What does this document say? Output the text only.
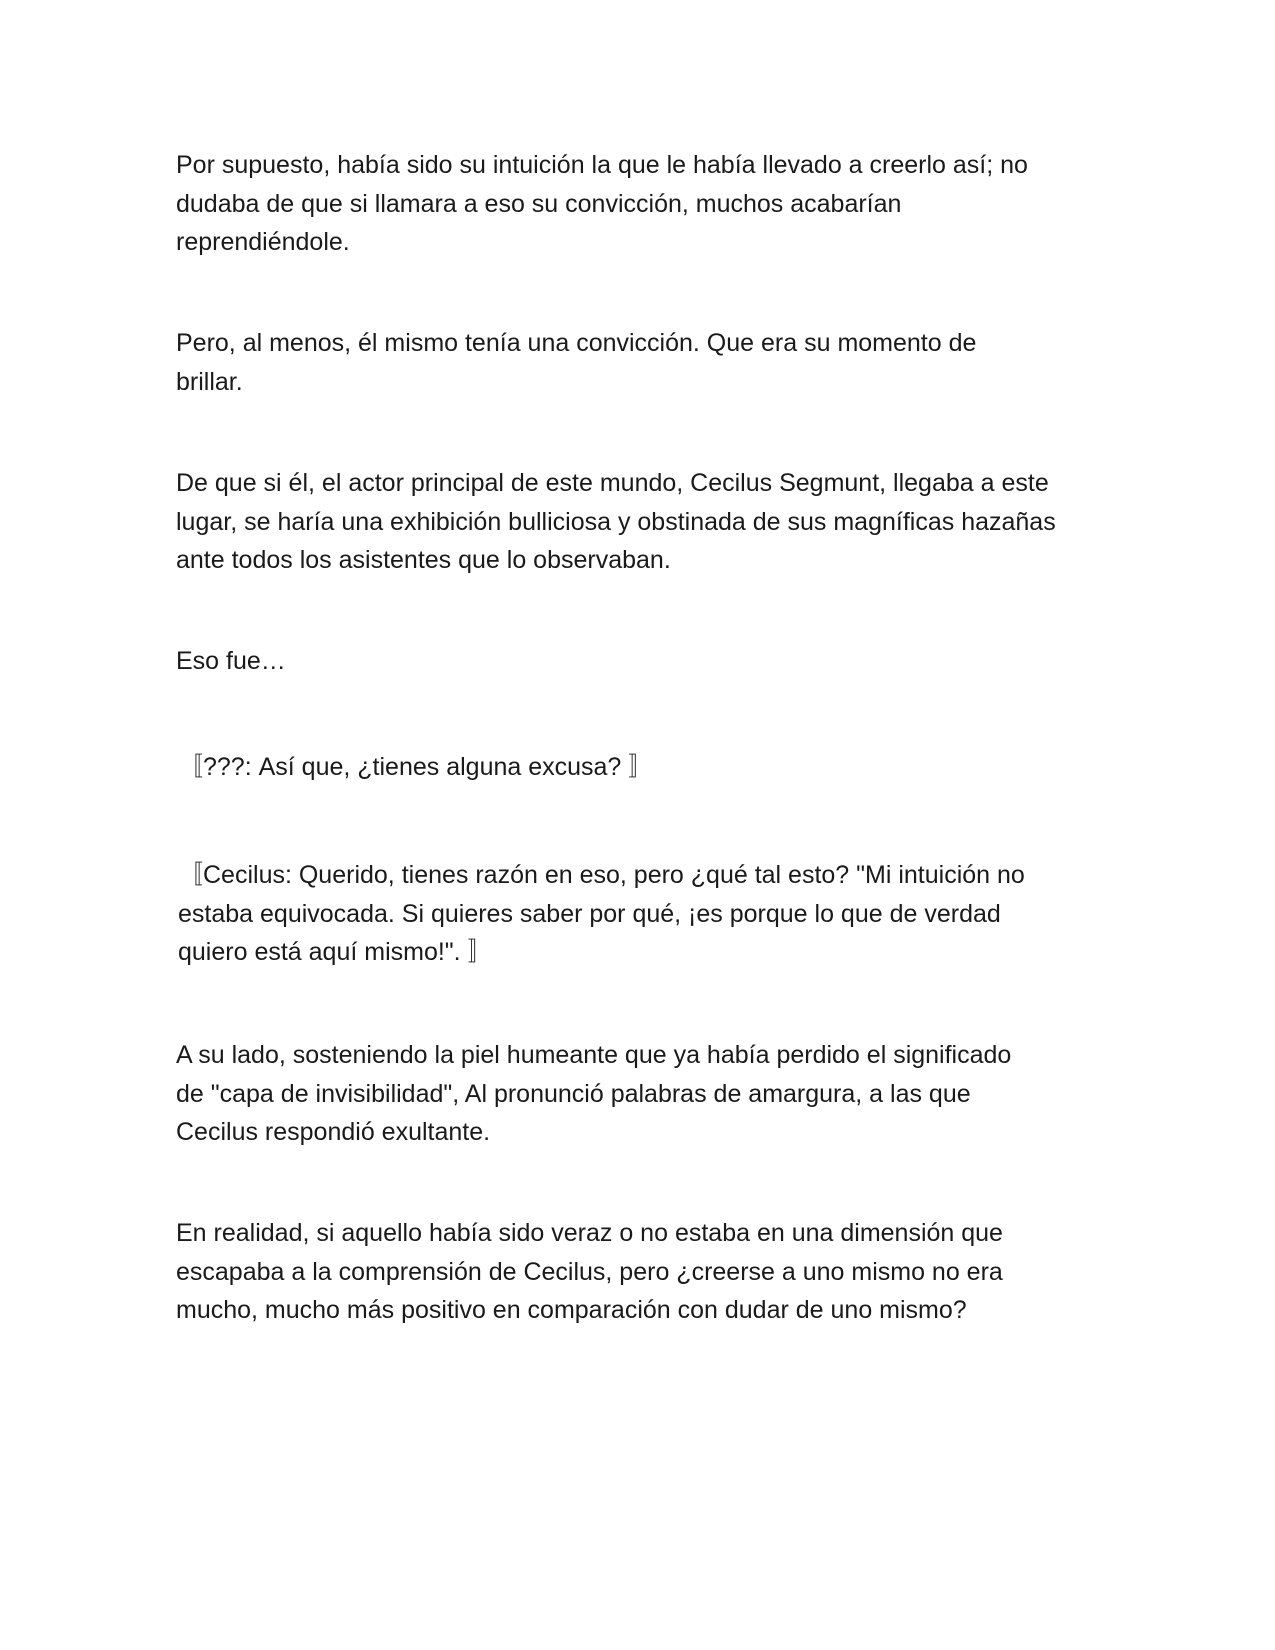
Por supuesto, había sido su intuición la que le había llevado a creerlo así; no
dudaba de que si llamara a eso su convicción, muchos acabarían
reprendiéndole.

Pero, al menos, él mismo tenía una convicción. Que era su momento de
brillar.

De que si él, el actor principal de este mundo, Cecilus Segmunt, llegaba a este
lugar, se haría una exhibición bulliciosa y obstinada de sus magníficas hazañas
ante todos los asistentes que lo observaban.

Eso fue…

〚???: Así que, ¿tienes alguna excusa? 〛

〚Cecilus: Querido, tienes razón en eso, pero ¿qué tal esto? "Mi intuición no
estaba equivocada. Si quieres saber por qué, ¡es porque lo que de verdad
quiero está aquí mismo!". 〛

A su lado, sosteniendo la piel humeante que ya había perdido el significado
de "capa de invisibilidad", Al pronunció palabras de amargura, a las que
Cecilus respondió exultante.

En realidad, si aquello había sido veraz o no estaba en una dimensión que
escapaba a la comprensión de Cecilus, pero ¿creerse a uno mismo no era
mucho, mucho más positivo en comparación con dudar de uno mismo?
